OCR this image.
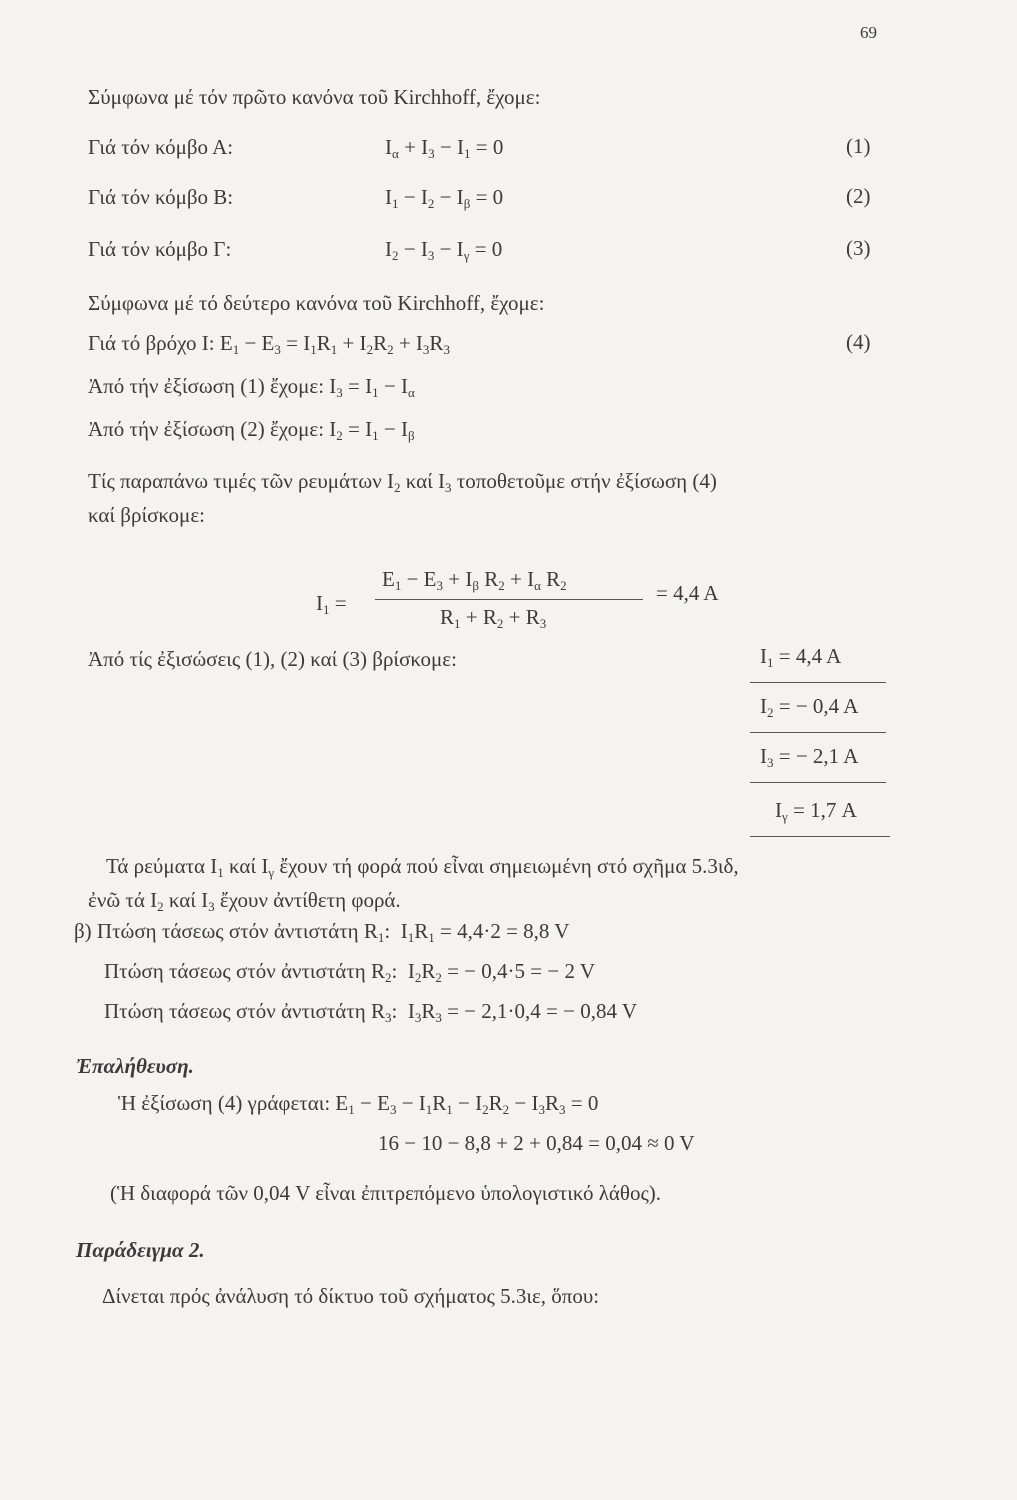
69
Σύμφωνα μέ τόν πρῶτο κανόνα τοῦ Kirchhoff, ἔχομε:
Γιά τόν κόμβο Α:	$I_\alpha + I_3 - I_1 = 0$	(1)
Γιά τόν κόμβο Β:	$I_1 - I_2 - I_\beta = 0$	(2)
Γιά τόν κόμβο Γ:	$I_2 - I_3 - I_\gamma = 0$	(3)
Σύμφωνα μέ τό δεύτερο κανόνα τοῦ Kirchhoff, ἔχομε:
Γιά τό βρόχο I: $E_1 - E_3 = I_1R_1 + I_2R_2 + I_3R_3$	(4)
Ἀπό τήν ἐξίσωση (1) ἔχομε: $I_3 = I_1 - I_\alpha$
Ἀπό τήν ἐξίσωση (2) ἔχομε: $I_2 = I_1 - I_\beta$
Τίς παραπάνω τιμές τῶν ρευμάτων $I_2$ καί $I_3$ τοποθετοῦμε στήν ἐξίσωση (4)
καί βρίσκομε:
$I_1$ =
$E_1 - E_3 + I_\beta$ $R_2 + I_\alpha$ $R_2$
$R_1 + R_2 + R_3$
= 4,4 A
Ἀπό τίς ἐξισώσεις (1), (2) καί (3) βρίσκομε:	$I_1 = 4,4$ A
$I_2$ = − 0,4 A
$I_3$ = − 2,1 A
$I_\gamma = 1,7$ A
Τά ρεύματα $I_1$ καί $I_\gamma$ ἔχουν τή φορά πού εἶναι σημειωμένη στό σχῆμα 5.3ιδ,
ἐνῶ τά $I_2$ καί $I_3$ ἔχουν ἀντίθετη φορά.
β) Πτώση τάσεως στόν ἀντιστάτη $R_1$:  $I_1R_1 = 4,4\cdot 2 = 8,8$ V
Πτώση τάσεως στόν ἀντιστάτη $R_2$:  $I_2R_2$ = − 0,4·5 = − 2 V
Πτώση τάσεως στόν ἀντιστάτη $R_3$:  $I_3R_3$ = − 2,1·0,4 = − 0,84 V
Ἐπαλήθευση.
Ἡ ἐξίσωση (4) γράφεται: $E_1 - E_3 - I_1R_1 - I_2R_2 - I_3R_3 = 0$
16 − 10 − 8,8 + 2 + 0,84 = 0,04 ≈ 0 V
(Ἡ διαφορά τῶν 0,04 V εἶναι ἐπιτρεπόμενο ὑπολογιστικό λάθος).
Παράδειγμα 2.
Δίνεται πρός ἀνάλυση τό δίκτυο τοῦ σχήματος 5.3ιε, ὅπου:
